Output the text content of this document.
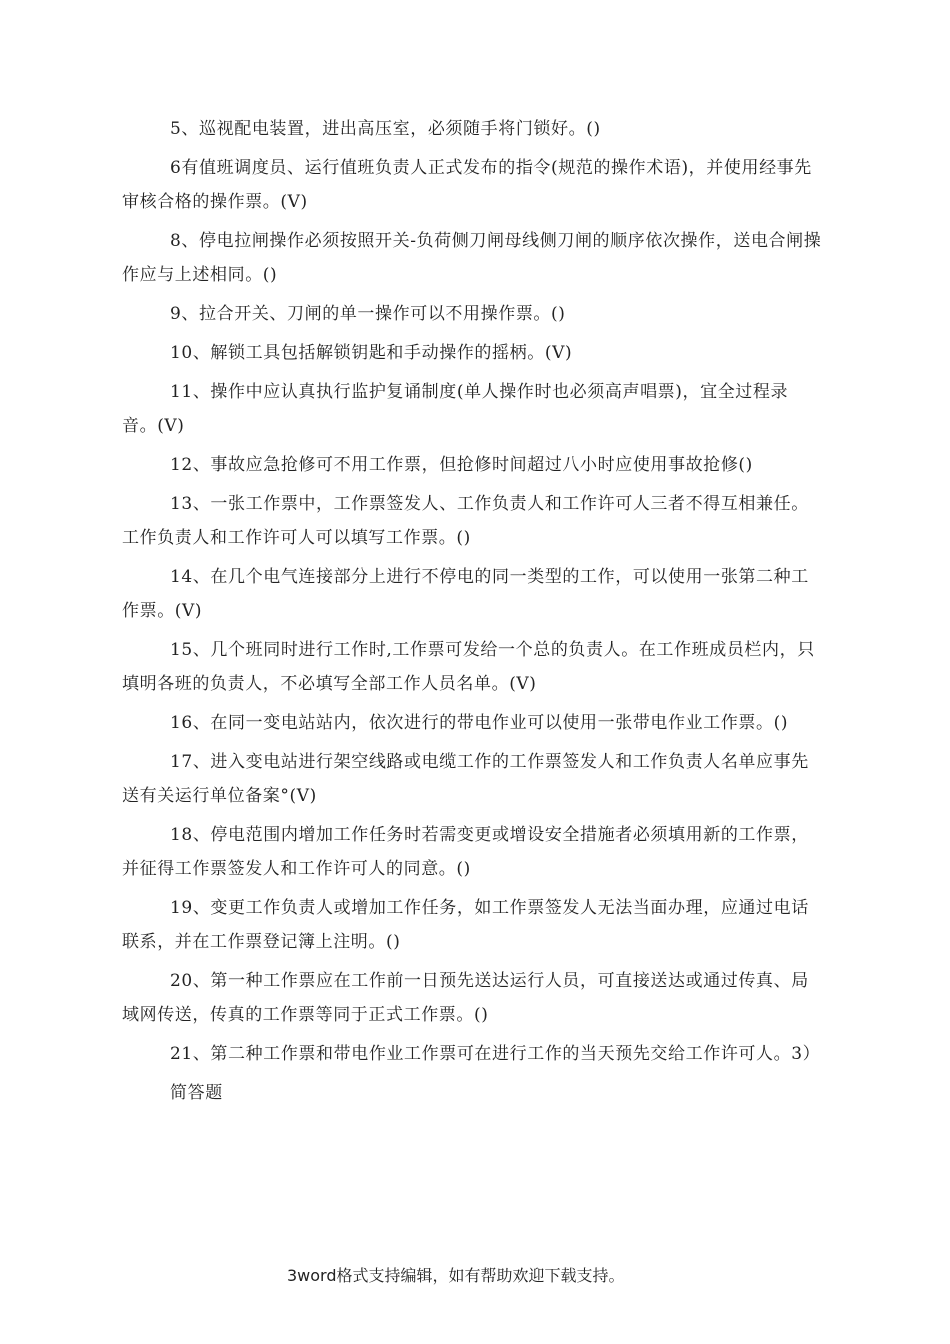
5、巡视配电装置，进出高压室，必须随手将门锁好。()

6有值班调度员、运行值班负责人正式发布的指令(规范的操作术语)，并使用经事先审核合格的操作票。(V)

8、停电拉闸操作必须按照开关-负荷侧刀闸母线侧刀闸的顺序依次操作，送电合闸操作应与上述相同。()

9、拉合开关、刀闸的单一操作可以不用操作票。()

10、解锁工具包括解锁钥匙和手动操作的摇柄。(V)

11、操作中应认真执行监护复诵制度(单人操作时也必须高声唱票)，宜全过程录音。(V)

12、事故应急抢修可不用工作票，但抢修时间超过八小时应使用事故抢修()

13、一张工作票中，工作票签发人、工作负责人和工作许可人三者不得互相兼任。工作负责人和工作许可人可以填写工作票。()

14、在几个电气连接部分上进行不停电的同一类型的工作，可以使用一张第二种工作票。(V)

15、几个班同时进行工作时,工作票可发给一个总的负责人。在工作班成员栏内，只填明各班的负责人，不必填写全部工作人员名单。(V)

16、在同一变电站站内，依次进行的带电作业可以使用一张带电作业工作票。()

17、进入变电站进行架空线路或电缆工作的工作票签发人和工作负责人名单应事先送有关运行单位备案°(V)

18、停电范围内增加工作任务时若需变更或增设安全措施者必须填用新的工作票，并征得工作票签发人和工作许可人的同意。()

19、变更工作负责人或增加工作任务，如工作票签发人无法当面办理，应通过电话联系，并在工作票登记簿上注明。()

20、第一种工作票应在工作前一日预先送达运行人员，可直接送达或通过传真、局域网传送，传真的工作票等同于正式工作票。()

21、第二种工作票和带电作业工作票可在进行工作的当天预先交给工作许可人。3）

简答题

3word格式支持编辑，如有帮助欢迎下载支持。
